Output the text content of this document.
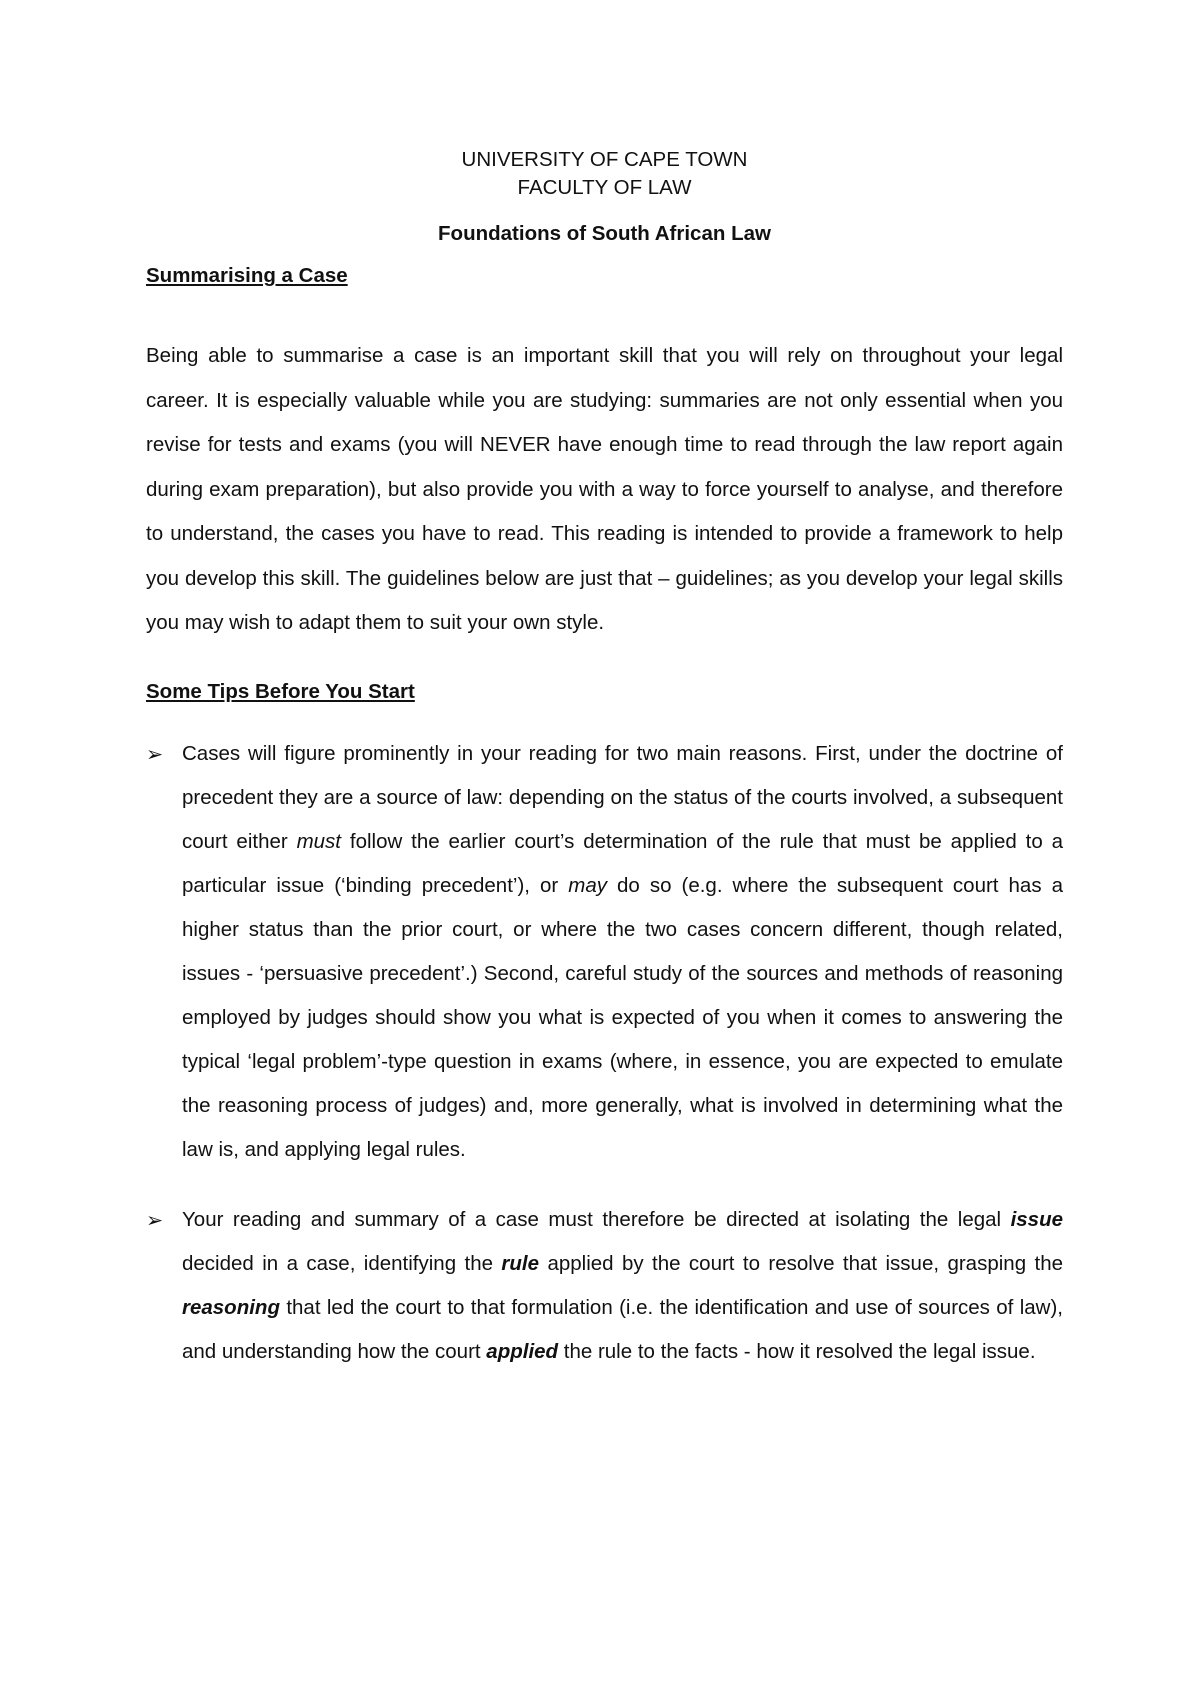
UNIVERSITY OF CAPE TOWN
FACULTY OF LAW
Foundations of South African Law
Summarising a Case

Being able to summarise a case is an important skill that you will rely on throughout your legal career. It is especially valuable while you are studying: summaries are not only essential when you revise for tests and exams (you will NEVER have enough time to read through the law report again during exam preparation), but also provide you with a way to force yourself to analyse, and therefore to understand, the cases you have to read. This reading is intended to provide a framework to help you develop this skill. The guidelines below are just that – guidelines; as you develop your legal skills you may wish to adapt them to suit your own style.

Some Tips Before You Start
➢ Cases will figure prominently in your reading for two main reasons. First, under the doctrine of precedent they are a source of law: depending on the status of the courts involved, a subsequent court either must follow the earlier court’s determination of the rule that must be applied to a particular issue (‘binding precedent’), or may do so (e.g. where the subsequent court has a higher status than the prior court, or where the two cases concern different, though related, issues - ‘persuasive precedent’.) Second, careful study of the sources and methods of reasoning employed by judges should show you what is expected of you when it comes to answering the typical ‘legal problem’-type question in exams (where, in essence, you are expected to emulate the reasoning process of judges) and, more generally, what is involved in determining what the law is, and applying legal rules.
➢ Your reading and summary of a case must therefore be directed at isolating the legal issue decided in a case, identifying the rule applied by the court to resolve that issue, grasping the reasoning that led the court to that formulation (i.e. the identification and use of sources of law), and understanding how the court applied the rule to the facts - how it resolved the legal issue.
